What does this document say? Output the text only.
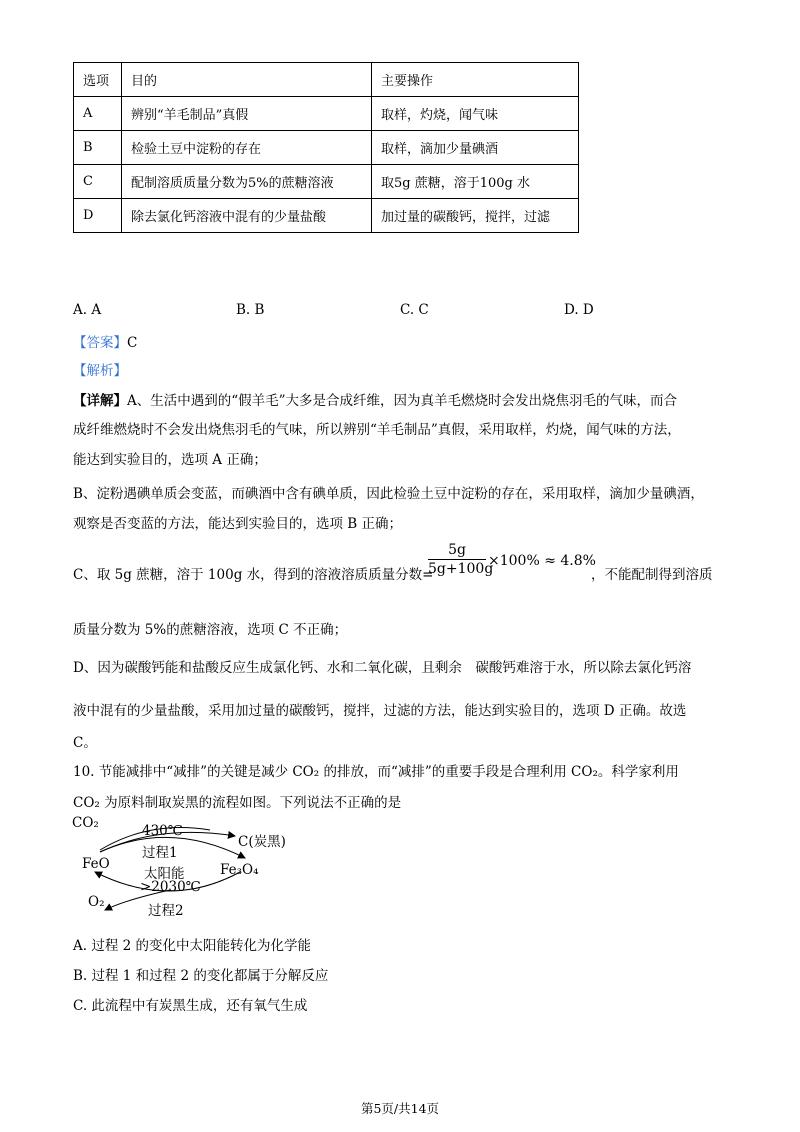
选项	目的	主要操作
A	辨别“羊毛制品”真假	取样，灼烧，闻气味
B	检验土豆中淀粉的存在	取样，滴加少量碘酒
C	配制溶质质量分数为5%的蔗糖溶液	取5g 蔗糖，溶于100g 水
D	除去氯化钙溶液中混有的少量盐酸	加过量的碳酸钙，搅拌，过滤
A. A	B. B	C. C	D. D
【答案】C
【解析】
【详解】A、生活中遇到的“假羊毛”大多是合成纤维，因为真羊毛燃烧时会发出烧焦羽毛的气味，而合
成纤维燃烧时不会发出烧焦羽毛的气味，所以辨别“羊毛制品”真假，采用取样，灼烧，闻气味的方法，
能达到实验目的，选项 A 正确；
B、淀粉遇碘单质会变蓝，而碘酒中含有碘单质，因此检验土豆中淀粉的存在，采用取样，滴加少量碘酒，
观察是否变蓝的方法，能达到实验目的，选项 B 正确；
C、取 5g 蔗糖，溶于 100g 水，得到的溶液溶质质量分数=
5g
5g+100g
×100% ≈ 4.8%
，不能配制得到溶质
质量分数为 5%的蔗糖溶液，选项 C 不正确；
D、因为碳酸钙能和盐酸反应生成氯化钙、水和二氧化碳，且剩余　碳酸钙难溶于水，所以除去氯化钙溶
液中混有的少量盐酸，采用加过量的碳酸钙，搅拌，过滤的方法，能达到实验目的，选项 D 正确。故选
C。
10. 节能减排中“减排”的关键是减少 CO₂ 的排放，而“减排”的重要手段是合理利用 CO₂。科学家利用
CO₂ 为原料制取炭黑的流程如图。下列说法不正确的是
CO₂	430℃
C(炭黑)
过程1
FeO	Fe₃O₄
太阳能
>2030℃
O₂
过程2
A. 过程 2 的变化中太阳能转化为化学能
B. 过程 1 和过程 2 的变化都属于分解反应
C. 此流程中有炭黑生成，还有氧气生成
第5页/共14页
